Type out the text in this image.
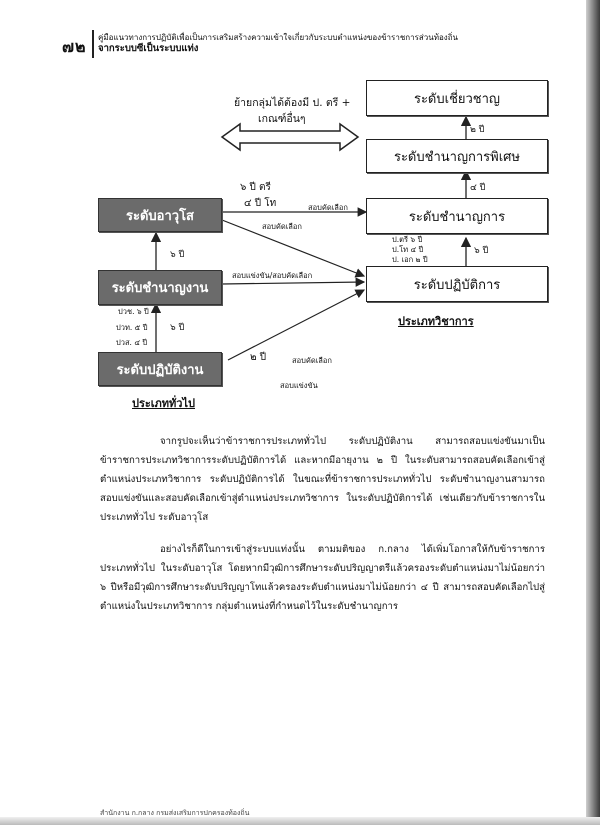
๗๒ คู่มือแนวทางการปฏิบัติเพื่อเป็นการเสริมสร้างความเข้าใจเกี่ยวกับระบบตำแหน่งของข้าราชการส่วนท้องถิ่น
จากระบบซีเป็นระบบแท่ง
ระดับเชี่ยวชาญ
ระดับชำนาญการพิเศษ
ระดับชำนาญการ
ระดับปฏิบัติการ
ระดับอาวุโส
ระดับชำนาญงาน
ระดับปฏิบัติงาน
ย้ายกลุ่มได้ต้องมี ป. ตรี +
เกณฑ์อื่นๆ
๒ ปี
๔ ปี
๖ ปี
ป.ตรี ๖ ปี
ป.โท ๔ ปี
ป. เอก ๒ ปี
๖ ปี
๖ ปี
ปวช. ๖ ปี
ปวท. ๕ ปี
ปวส. ๔ ปี
๖ ปี ตรี
๔ ปี โท	สอบคัดเลือก
สอบคัดเลือก
สอบแข่งขัน/สอบคัดเลือก
๒ ปี	สอบคัดเลือก
สอบแข่งขัน
ประเภทวิชาการ
ประเภททั่วไป
จากรูปจะเห็นว่าข้าราชการประเภททั่วไป ระดับปฏิบัติงาน สามารถสอบแข่งขันมาเป็นข้าราชการประเภทวิชาการระดับปฏิบัติการได้ และหากมีอายุงาน ๒ ปี ในระดับสามารถสอบคัดเลือกเข้าสู่ตำแหน่งประเภทวิชาการ ระดับปฏิบัติการได้ ในขณะที่ข้าราชการประเภททั่วไป ระดับชำนาญงานสามารถสอบแข่งขันและสอบคัดเลือกเข้าสู่ตำแหน่งประเภทวิชาการ ในระดับปฏิบัติการได้ เช่นเดียวกับข้าราชการในประเภททั่วไป ระดับอาวุโส
อย่างไรก็ดีในการเข้าสู่ระบบแท่งนั้น ตามมติของ ก.กลาง ได้เพิ่มโอกาสให้กับข้าราชการประเภททั่วไป ในระดับอาวุโส โดยหากมีวุฒิการศึกษาระดับปริญญาตรีแล้วครองระดับตำแหน่งมาไม่น้อยกว่า ๖ ปีหรือมีวุฒิการศึกษาระดับปริญญาโทแล้วครองระดับตำแหน่งมาไม่น้อยกว่า ๔ ปี สามารถสอบคัดเลือกไปสู่ตำแหน่งในประเภทวิชาการ กลุ่มตำแหน่งที่กำหนดไว้ในระดับชำนาญการ
สำนักงาน ก.กลาง กรมส่งเสริมการปกครองท้องถิ่น
